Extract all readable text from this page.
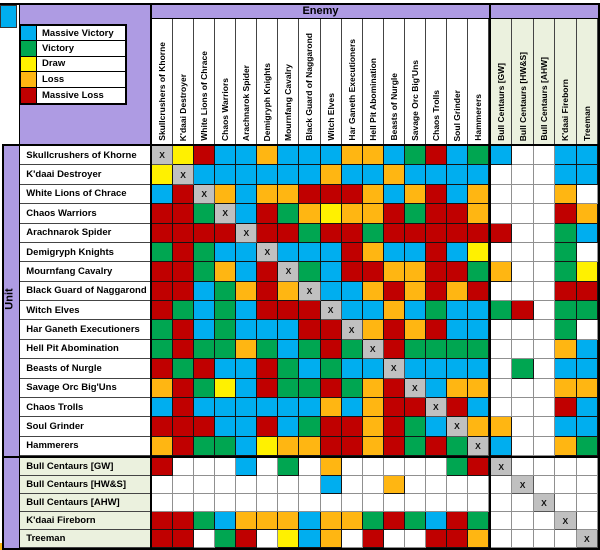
Massive Victory
Victory
Draw
Loss
Massive Loss
Enemy
Skullcrushers of Khorne K'daai Destroyer White Lions of Chrace Chaos Warriors Arachnarok Spider Demigryph Knights Mournfang Cavalry Black Guard of Naggarond Witch Elves Har Ganeth Executioners Hell Pit Abomination Beasts of Nurgle Savage Orc Big'Uns Chaos Trolls Soul Grinder Hammerers Bull Centaurs [GW] Bull Centaurs [HW&S] Bull Centaurs [AHW] K'daai Fireborn Treeman
Unit
Skullcrushers of Khorne
K'daai Destroyer
White Lions of Chrace
Chaos Warriors
Arachnarok Spider
Demigryph Knights
Mournfang Cavalry
Black Guard of Naggarond
Witch Elves
Har Ganeth Executioners
Hell Pit Abomination
Beasts of Nurgle
Savage Orc Big'Uns
Chaos Trolls
Soul Grinder
Hammerers
Bull Centaurs [GW]
Bull Centaurs [HW&S]
Bull Centaurs [AHW]
K'daai Fireborn
Treeman
X
X
X
X
X
X
X
X
X
X
X
X
X
X
X
X
X
X
X
X
X
